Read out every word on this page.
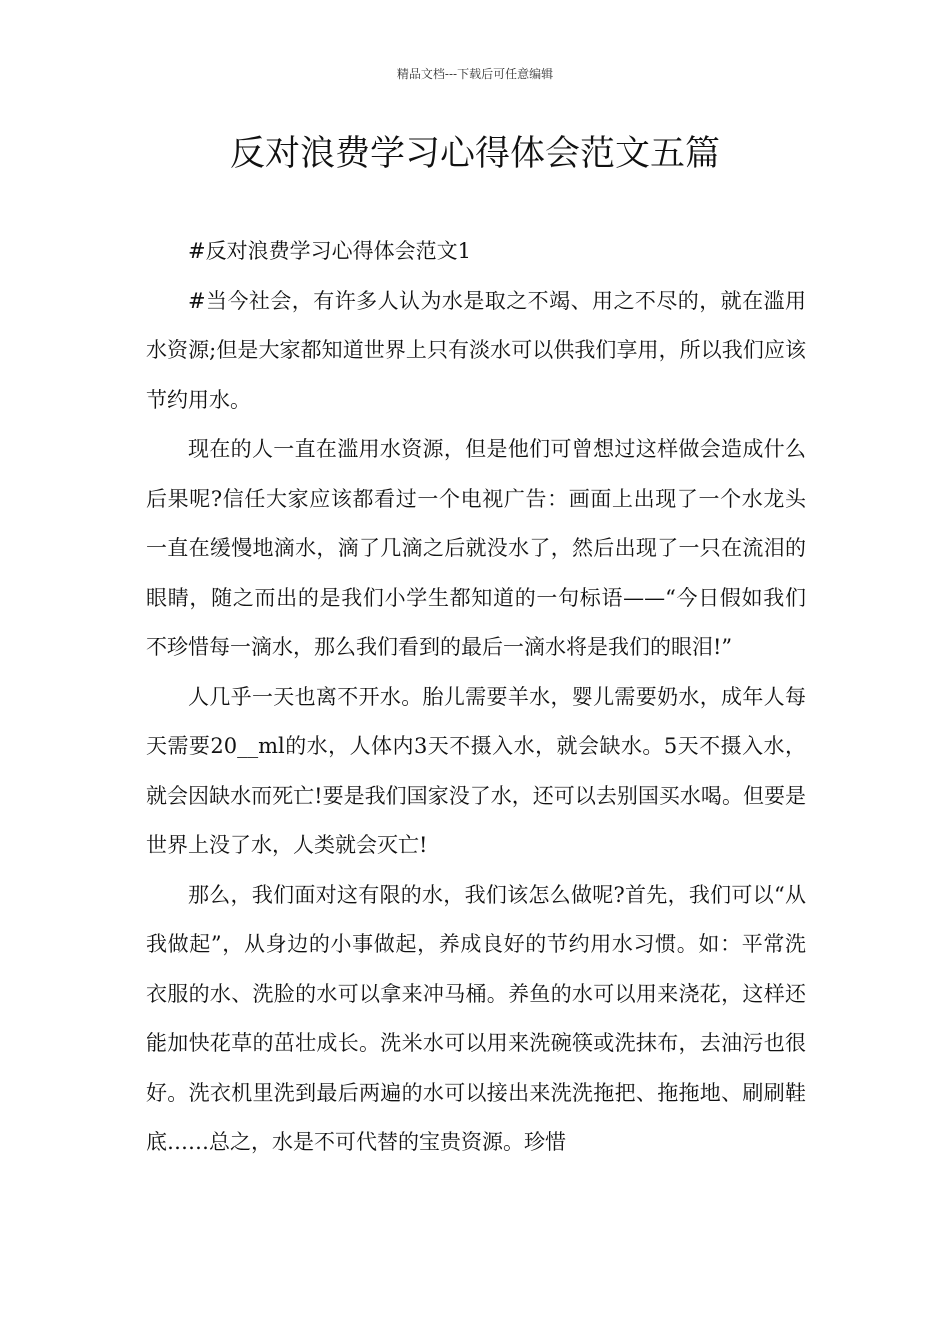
精品文档---下载后可任意编辑
反对浪费学习心得体会范文五篇

#反对浪费学习心得体会范文1

#当今社会，有许多人认为水是取之不竭、用之不尽的，就在滥用水资源;但是大家都知道世界上只有淡水可以供我们享用，所以我们应该节约用水。

现在的人一直在滥用水资源，但是他们可曾想过这样做会造成什么后果呢?信任大家应该都看过一个电视广告：画面上出现了一个水龙头一直在缓慢地滴水，滴了几滴之后就没水了，然后出现了一只在流泪的眼睛，随之而出的是我们小学生都知道的一句标语——“今日假如我们不珍惜每一滴水，那么我们看到的最后一滴水将是我们的眼泪!”

人几乎一天也离不开水。胎儿需要羊水，婴儿需要奶水，成年人每天需要20__ml的水，人体内3天不摄入水，就会缺水。5天不摄入水，就会因缺水而死亡!要是我们国家没了水，还可以去别国买水喝。但要是世界上没了水，人类就会灭亡!

那么，我们面对这有限的水，我们该怎么做呢?首先，我们可以“从我做起”，从身边的小事做起，养成良好的节约用水习惯。如：平常洗衣服的水、洗脸的水可以拿来冲马桶。养鱼的水可以用来浇花，这样还能加快花草的茁壮成长。洗米水可以用来洗碗筷或洗抹布，去油污也很好。洗衣机里洗到最后两遍的水可以接出来洗洗拖把、拖拖地、刷刷鞋底……总之，水是不可代替的宝贵资源。珍惜
